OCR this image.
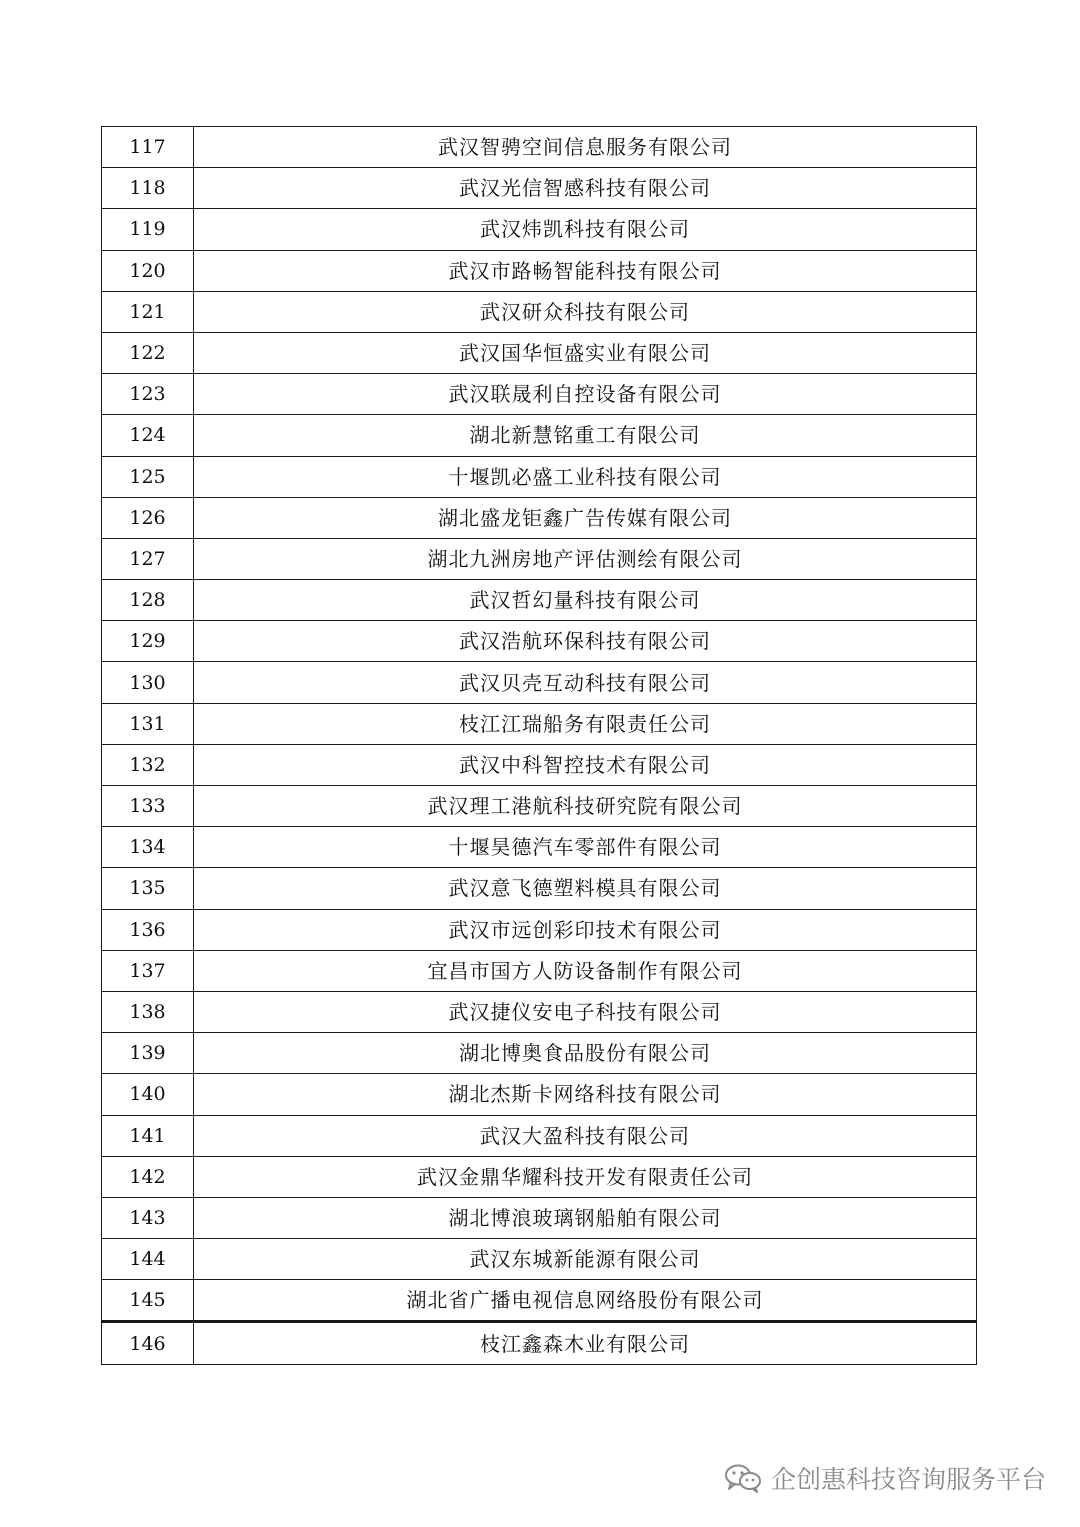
117	武汉智骋空间信息服务有限公司
118	武汉光信智感科技有限公司
119	武汉炜凯科技有限公司
120	武汉市路畅智能科技有限公司
121	武汉研众科技有限公司
122	武汉国华恒盛实业有限公司
123	武汉联晟利自控设备有限公司
124	湖北新慧铭重工有限公司
125	十堰凯必盛工业科技有限公司
126	湖北盛龙钜鑫广告传媒有限公司
127	湖北九洲房地产评估测绘有限公司
128	武汉哲幻量科技有限公司
129	武汉浩航环保科技有限公司
130	武汉贝壳互动科技有限公司
131	枝江江瑞船务有限责任公司
132	武汉中科智控技术有限公司
133	武汉理工港航科技研究院有限公司
134	十堰昊德汽车零部件有限公司
135	武汉意飞德塑料模具有限公司
136	武汉市远创彩印技术有限公司
137	宜昌市国方人防设备制作有限公司
138	武汉捷仪安电子科技有限公司
139	湖北博奥食品股份有限公司
140	湖北杰斯卡网络科技有限公司
141	武汉大盈科技有限公司
142	武汉金鼎华耀科技开发有限责任公司
143	湖北博浪玻璃钢船舶有限公司
144	武汉东城新能源有限公司
145	湖北省广播电视信息网络股份有限公司
146	枝江鑫森木业有限公司
企创惠科技咨询服务平台
